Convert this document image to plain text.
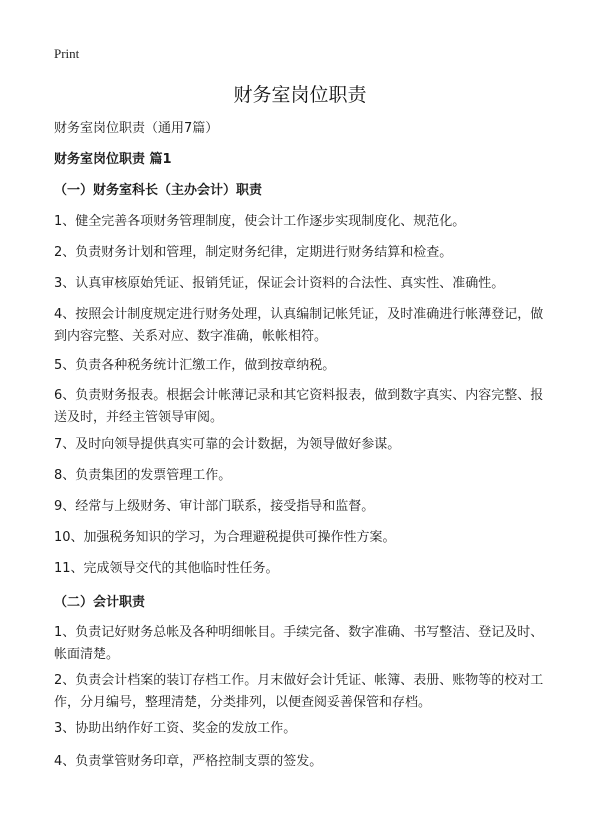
Print
财务室岗位职责
财务室岗位职责（通用7篇）
财务室岗位职责 篇1
（一）财务室科长（主办会计）职责
1、健全完善各项财务管理制度，使会计工作逐步实现制度化、规范化。
2、负责财务计划和管理，制定财务纪律，定期进行财务结算和检查。
3、认真审核原始凭证、报销凭证，保证会计资料的合法性、真实性、准确性。
4、按照会计制度规定进行财务处理，认真编制记帐凭证，及时准确进行帐薄登记，做到内容完整、关系对应、数字准确，帐帐相符。
5、负责各种税务统计汇缴工作，做到按章纳税。
6、负责财务报表。根据会计帐薄记录和其它资料报表，做到数字真实、内容完整、报送及时，并经主管领导审阅。
7、及时向领导提供真实可靠的会计数据，为领导做好参谋。
8、负责集团的发票管理工作。
9、经常与上级财务、审计部门联系，接受指导和监督。
10、加强税务知识的学习，为合理避税提供可操作性方案。
11、完成领导交代的其他临时性任务。
（二）会计职责
1、负责记好财务总帐及各种明细帐目。手续完备、数字准确、书写整洁、登记及时、帐面清楚。
2、负责会计档案的装订存档工作。月末做好会计凭证、帐簿、表册、账物等的校对工作，分月编号，整理清楚，分类排列，以便查阅妥善保管和存档。
3、协助出纳作好工资、奖金的发放工作。
4、负责掌管财务印章，严格控制支票的签发。
